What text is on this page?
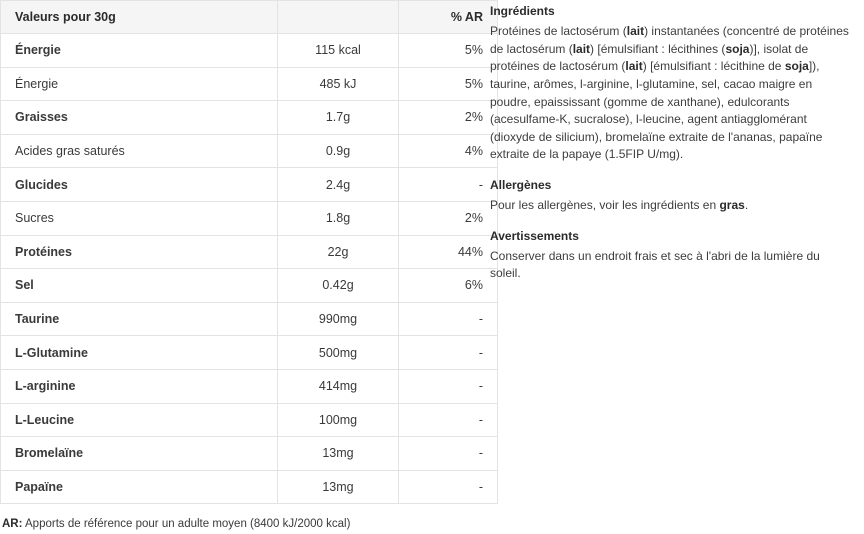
Valeurs pour 30g		% AR
Énergie	115 kcal	5%
Énergie	485 kJ	5%
Graisses	1.7g	2%
Acides gras saturés	0.9g	4%
Glucides	2.4g	-
Sucres	1.8g	2%
Protéines	22g	44%
Sel	0.42g	6%
Taurine	990mg	-
L-Glutamine	500mg	-
L-arginine	414mg	-
L-Leucine	100mg	-
Bromelaïne	13mg	-
Papaïne	13mg	-
AR: Apports de référence pour un adulte moyen (8400 kJ/2000 kcal)
Ingrédients

Protéines de lactosérum (lait) instantanées (concentré de protéines de lactosérum (lait) [émulsifiant : lécithines (soja)], isolat de protéines de lactosérum (lait) [émulsifiant : lécithine de soja]), taurine, arômes, l-arginine, l-glutamine, sel, cacao maigre en poudre, epaississant (gomme de xanthane), edulcorants (acesulfame-K, sucralose), l-leucine, agent antiagglomérant (dioxyde de silicium), bromelaïne extraite de l'ananas, papaïne extraite de la papaye (1.5FIP U/mg).

Allergènes

Pour les allergènes, voir les ingrédients en gras.

Avertissements

Conserver dans un endroit frais et sec à l'abri de la lumière du soleil.
